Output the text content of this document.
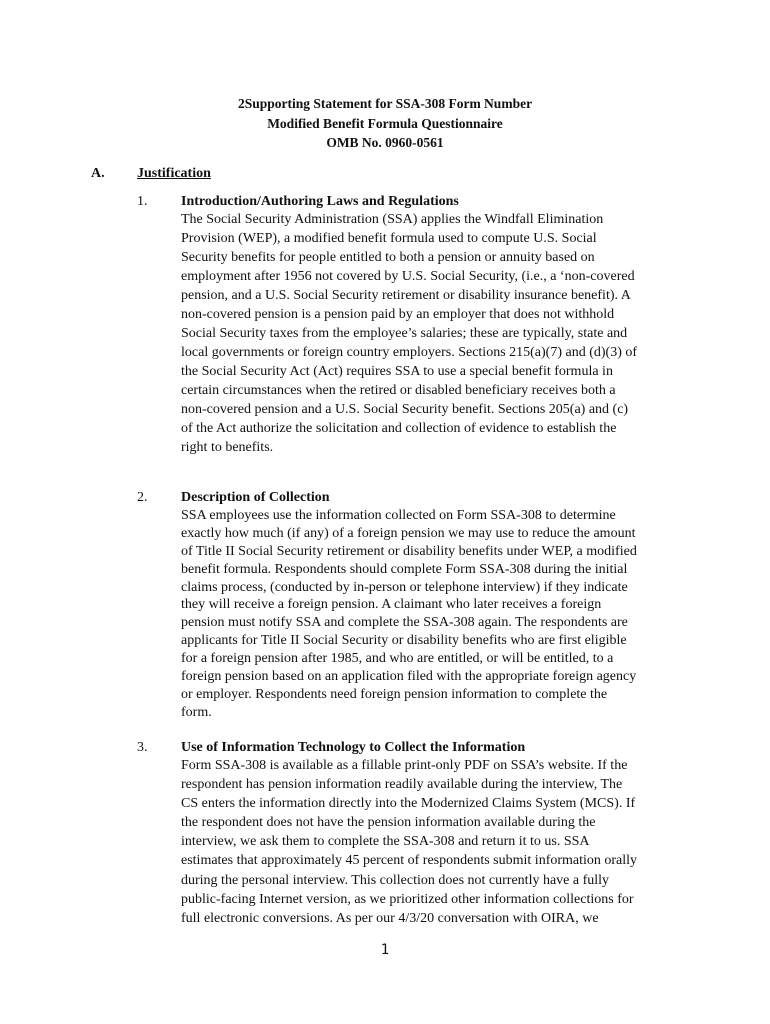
2Supporting Statement for SSA-308 Form Number
Modified Benefit Formula Questionnaire
OMB No. 0960-0561
A. Justification
1. Introduction/Authoring Laws and Regulations
The Social Security Administration (SSA) applies the Windfall Elimination
Provision (WEP), a modified benefit formula used to compute U.S. Social
Security benefits for people entitled to both a pension or annuity based on
employment after 1956 not covered by U.S. Social Security, (i.e., a ‘non-covered
pension, and a U.S. Social Security retirement or disability insurance benefit). A
non-covered pension is a pension paid by an employer that does not withhold
Social Security taxes from the employee’s salaries; these are typically, state and
local governments or foreign country employers. Sections 215(a)(7) and (d)(3) of
the Social Security Act (Act) requires SSA to use a special benefit formula in
certain circumstances when the retired or disabled beneficiary receives both a
non-covered pension and a U.S. Social Security benefit. Sections 205(a) and (c)
of the Act authorize the solicitation and collection of evidence to establish the
right to benefits.
2. Description of Collection
SSA employees use the information collected on Form SSA-308 to determine
exactly how much (if any) of a foreign pension we may use to reduce the amount
of Title II Social Security retirement or disability benefits under WEP, a modified
benefit formula. Respondents should complete Form SSA-308 during the initial
claims process, (conducted by in-person or telephone interview) if they indicate
they will receive a foreign pension. A claimant who later receives a foreign
pension must notify SSA and complete the SSA-308 again. The respondents are
applicants for Title II Social Security or disability benefits who are first eligible
for a foreign pension after 1985, and who are entitled, or will be entitled, to a
foreign pension based on an application filed with the appropriate foreign agency
or employer. Respondents need foreign pension information to complete the
form.
3. Use of Information Technology to Collect the Information
Form SSA-308 is available as a fillable print-only PDF on SSA’s website. If the
respondent has pension information readily available during the interview, The
CS enters the information directly into the Modernized Claims System (MCS). If
the respondent does not have the pension information available during the
interview, we ask them to complete the SSA-308 and return it to us. SSA
estimates that approximately 45 percent of respondents submit information orally
during the personal interview. This collection does not currently have a fully
public-facing Internet version, as we prioritized other information collections for
full electronic conversions. As per our 4/3/20 conversation with OIRA, we
1
